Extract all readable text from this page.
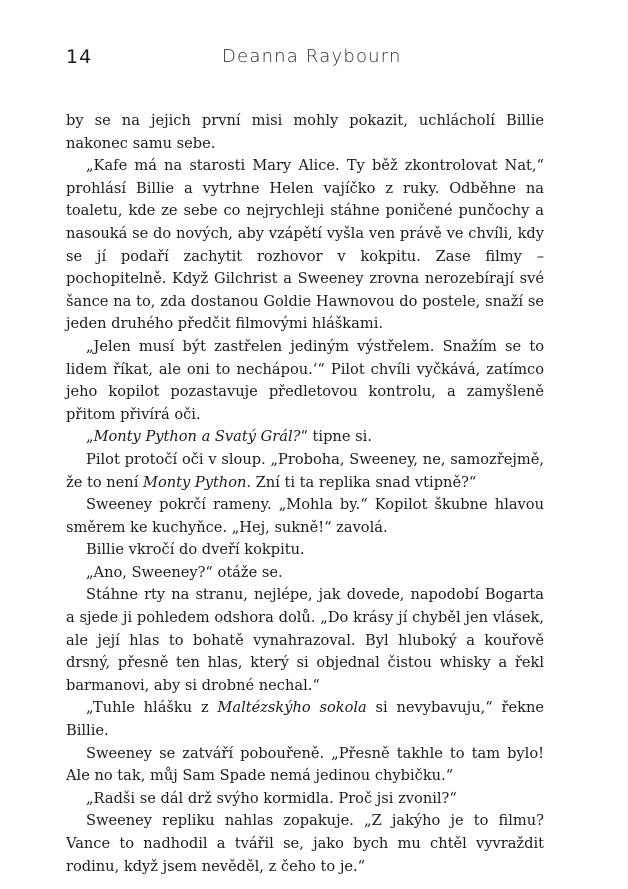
14	Deanna Raybourn

by se na jejich první misi mohly pokazit, uchlácholí Billie nakonec samu sebe.

„Kafe má na starosti Mary Alice. Ty běž zkontrolovat Nat,“ prohlásí Billie a vytrhne Helen vajíčko z ruky. Odběhne na toaletu, kde ze sebe co nejrychleji stáhne poničené punčochy a nasouká se do nových, aby vzápětí vyšla ven právě ve chvíli, kdy se jí podaří zachytit rozhovor v kokpitu. Zase filmy – pochopitelně. Když Gilchrist a Sweeney zrovna nerozebírají své šance na to, zda dostanou Goldie Hawnovou do postele, snaží se jeden druhého předčit filmovými hláškami.

„Jelen musí být zastřelen jediným výstřelem. Snažím se to lidem říkat, ale oni to nechápou.‘“ Pilot chvíli vyčkává, zatímco jeho kopilot pozastavuje předletovou kontrolu, a zamyšleně přitom přivírá oči.

„Monty Python a Svatý Grál?“ tipne si.

Pilot protočí oči v sloup. „Proboha, Sweeney, ne, samozřejmě, že to není Monty Python. Zní ti ta replika snad vtipně?“

Sweeney pokrčí rameny. „Mohla by.“ Kopilot škubne hlavou směrem ke kuchyňce. „Hej, sukně!“ zavolá.

Billie vkročí do dveří kokpitu.

„Ano, Sweeney?“ otáže se.

Stáhne rty na stranu, nejlépe, jak dovede, napodobí Bogarta a sjede ji pohledem odshora dolů. „Do krásy jí chyběl jen vlásek, ale její hlas to bohatě vynahrazoval. Byl hluboký a kouřově drsný, přesně ten hlas, který si objednal čistou whisky a řekl barmanovi, aby si drobné nechal.“

„Tuhle hlášku z Maltézskýho sokola si nevybavuju,“ řekne Billie.

Sweeney se zatváří pobouřeně. „Přesně takhle to tam bylo! Ale no tak, můj Sam Spade nemá jedinou chybičku.“

„Radši se dál drž svýho kormidla. Proč jsi zvonil?“

Sweeney repliku nahlas zopakuje. „Z jakýho je to filmu? Vance to nadhodil a tvářil se, jako bych mu chtěl vyvraždit rodinu, když jsem nevěděl, z čeho to je.“
